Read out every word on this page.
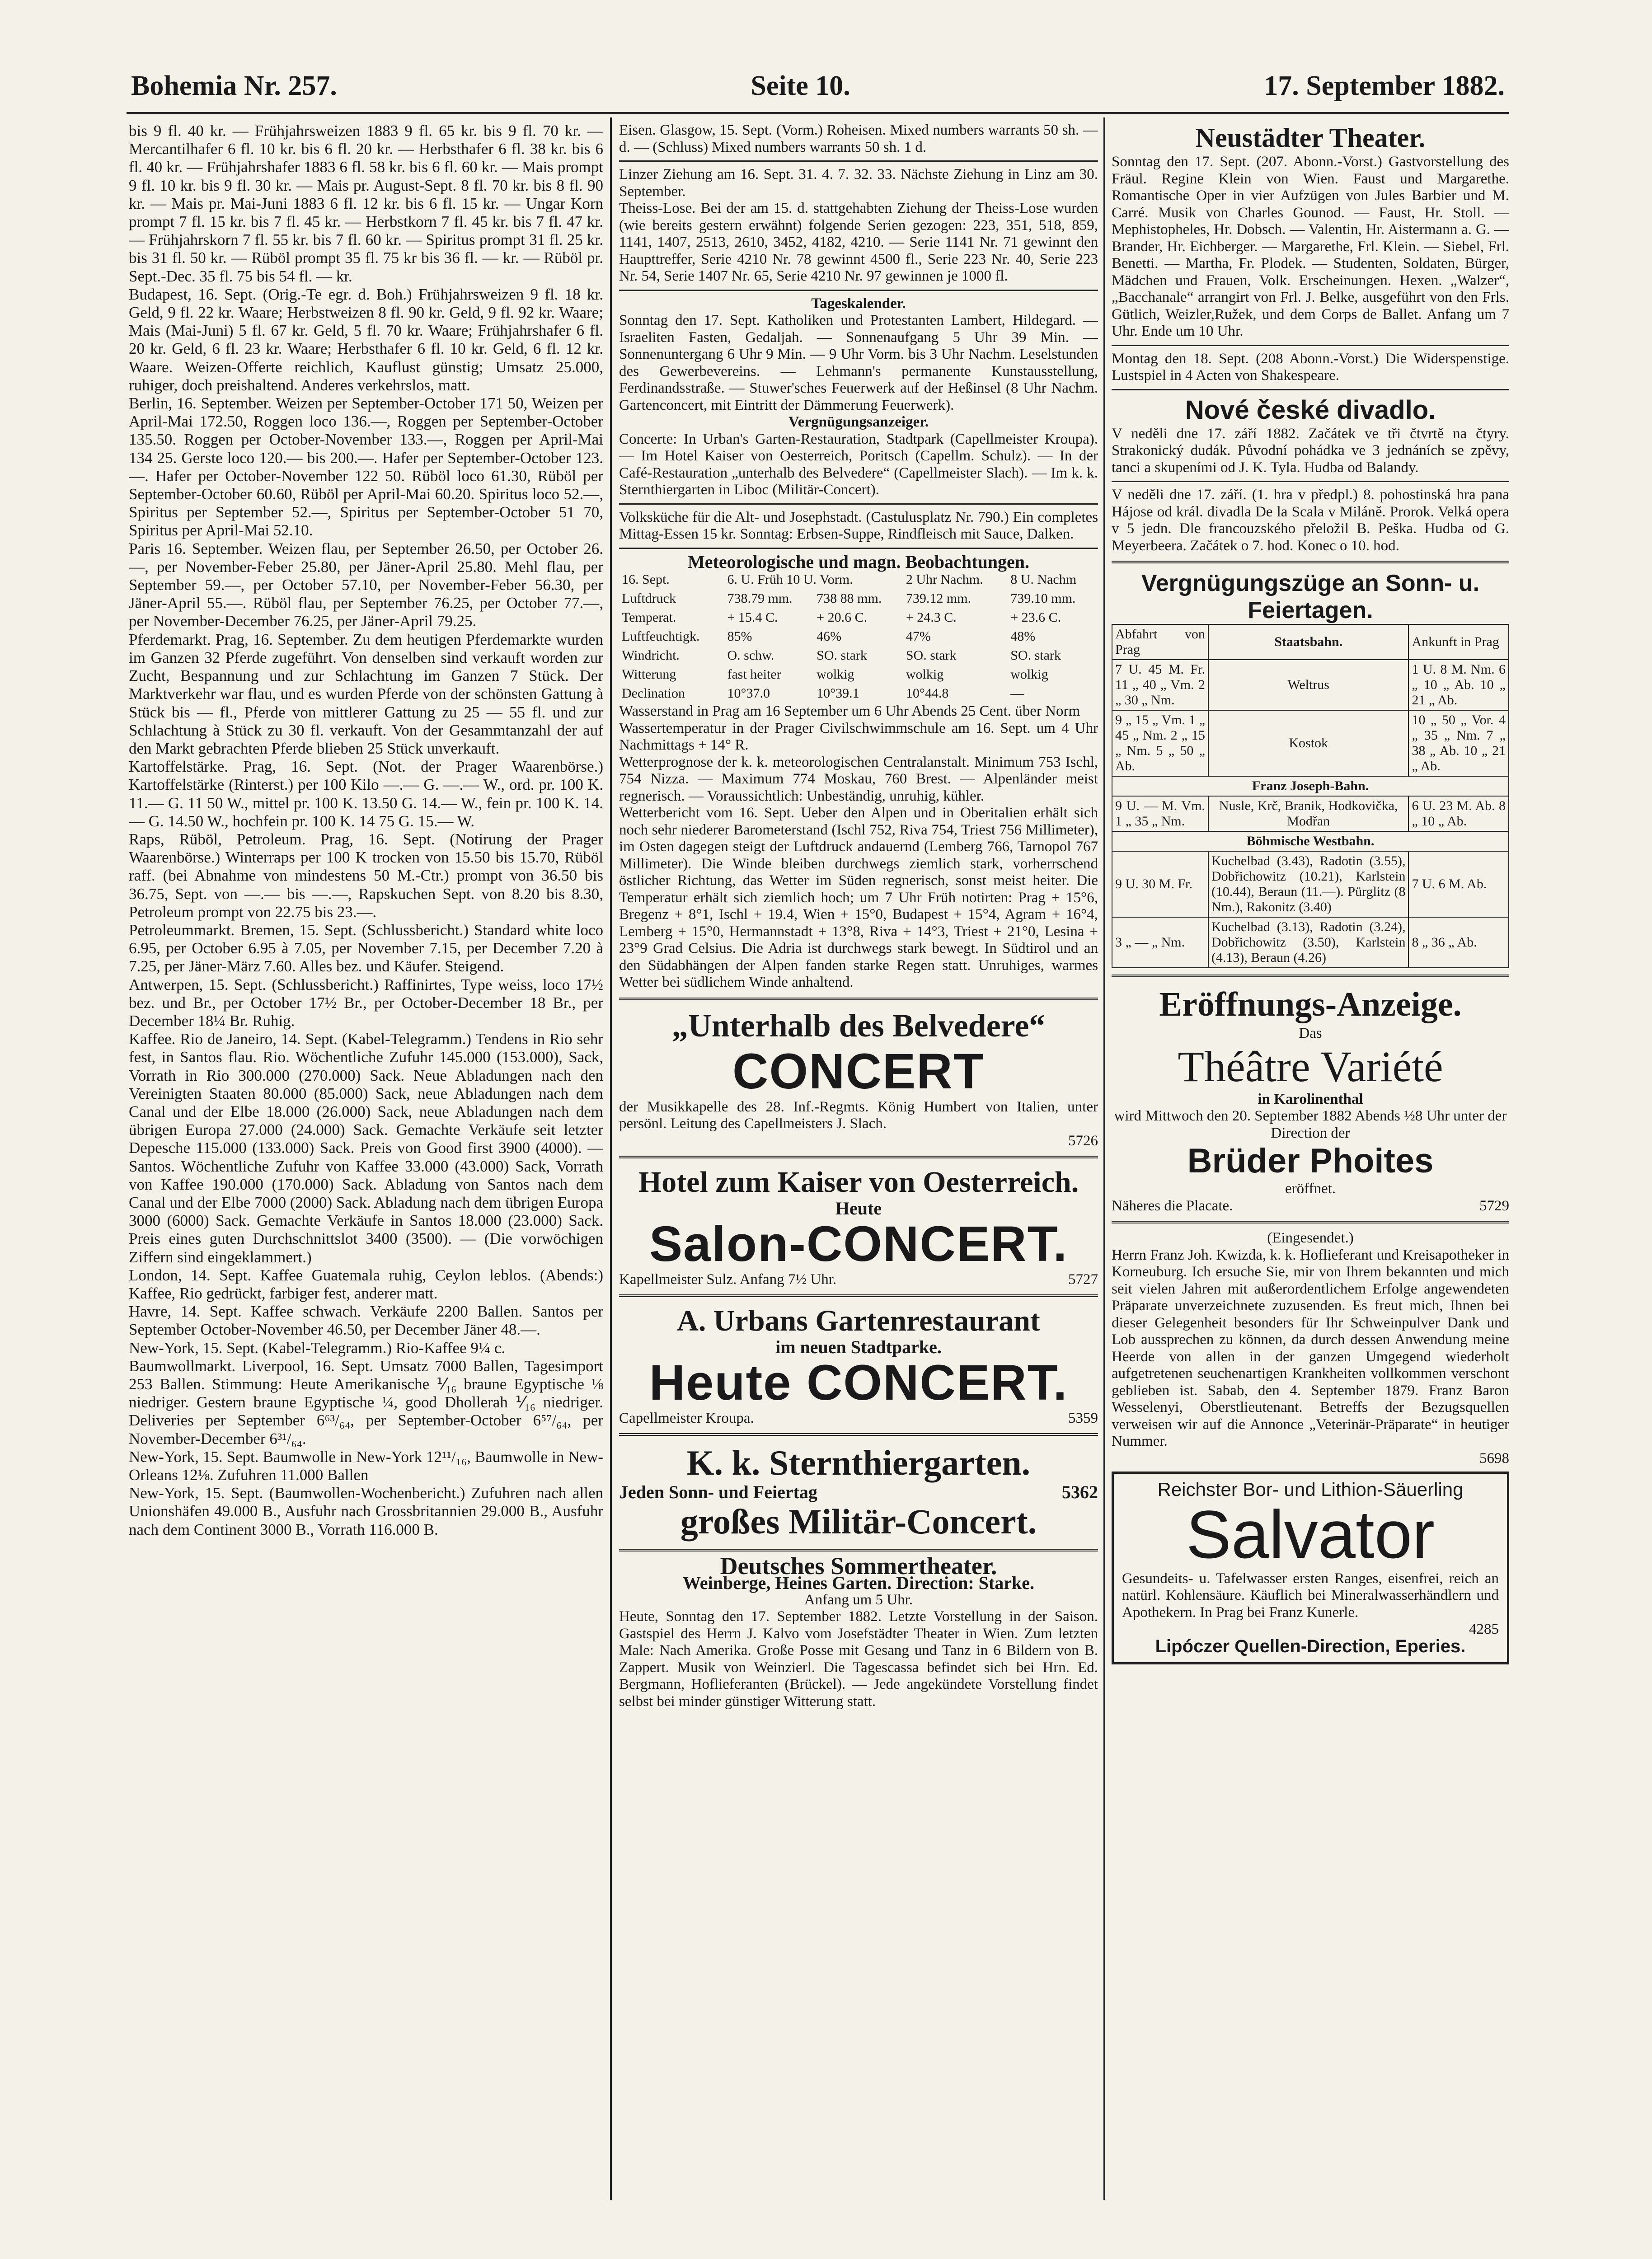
Bohemia Nr. 257.	Seite 10.	17. September 1882.

bis 9 fl. 40 kr. — Frühjahrsweizen 1883 9 fl. 65 kr. bis 9 fl. 70 kr. — Mercantilhafer 6 fl. 10 kr. bis 6 fl. 20 kr. — Herbsthafer 6 fl. 38 kr. bis 6 fl. 40 kr. — Frühjahrshafer 1883 6 fl. 58 kr. bis 6 fl. 60 kr. — Mais prompt 9 fl. 10 kr. bis 9 fl. 30 kr. — Mais pr. August-Sept. 8 fl. 70 kr. bis 8 fl. 90 kr. — Mais pr. Mai-Juni 1883 6 fl. 12 kr. bis 6 fl. 15 kr. — Ungar Korn prompt 7 fl. 15 kr. bis 7 fl. 45 kr. — Herbstkorn 7 fl. 45 kr. bis 7 fl. 47 kr. — Frühjahrskorn 7 fl. 55 kr. bis 7 fl. 60 kr. — Spiritus prompt 31 fl. 25 kr. bis 31 fl. 50 kr. — Rüböl prompt 35 fl. 75 kr bis 36 fl. — kr. — Rüböl pr. Sept.-Dec. 35 fl. 75 bis 54 fl. — kr.

Budapest, 16. Sept. (Orig.-Te egr. d. Boh.) Frühjahrsweizen 9 fl. 18 kr. Geld, 9 fl. 22 kr. Waare; Herbstweizen 8 fl. 90 kr. Geld, 9 fl. 92 kr. Waare; Mais (Mai-Juni) 5 fl. 67 kr. Geld, 5 fl. 70 kr. Waare; Frühjahrshafer 6 fl. 20 kr. Geld, 6 fl. 23 kr. Waare; Herbsthafer 6 fl. 10 kr. Geld, 6 fl. 12 kr. Waare. Weizen-Offerte reichlich, Kauflust günstig; Umsatz 25.000, ruhiger, doch preishaltend. Anderes verkehrslos, matt.

Berlin, 16. September. Weizen per September-October 171 50, Weizen per April-Mai 172.50, Roggen loco 136.—, Roggen per September-October 135.50. Roggen per October-November 133.—, Roggen per April-Mai 134 25. Gerste loco 120.— bis 200.—. Hafer per September-October 123.—. Hafer per October-November 122 50. Rüböl loco 61.30, Rüböl per September-October 60.60, Rüböl per April-Mai 60.20. Spiritus loco 52.—, Spiritus per September 52.—, Spiritus per September-October 51 70, Spiritus per April-Mai 52.10.

Paris 16. September. Weizen flau, per September 26.50, per October 26.—, per November-Feber 25.80, per Jäner-April 25.80. Mehl flau, per September 59.—, per October 57.10, per November-Feber 56.30, per Jäner-April 55.—. Rüböl flau, per September 76.25, per October 77.—, per November-December 76.25, per Jäner-April 79.25.

Pferdemarkt. Prag, 16. September. Zu dem heutigen Pferdemarkte wurden im Ganzen 32 Pferde zugeführt. Von denselben sind verkauft worden zur Zucht, Bespannung und zur Schlachtung im Ganzen 7 Stück. Der Marktverkehr war flau, und es wurden Pferde von der schönsten Gattung à Stück bis — fl., Pferde von mittlerer Gattung zu 25 — 55 fl. und zur Schlachtung à Stück zu 30 fl. verkauft. Von der Gesammtanzahl der auf den Markt gebrachten Pferde blieben 25 Stück unverkauft.

Kartoffelstärke. Prag, 16. Sept. (Not. der Prager Waarenbörse.) Kartoffelstärke (Rinterst.) per 100 Kilo —.— G. —.— W., ord. pr. 100 K. 11.— G. 11 50 W., mittel pr. 100 K. 13.50 G. 14.— W., fein pr. 100 K. 14.— G. 14.50 W., hochfein pr. 100 K. 14 75 G. 15.— W.

Raps, Rüböl, Petroleum. Prag, 16. Sept. (Notirung der Prager Waarenbörse.) Winterraps per 100 K trocken von 15.50 bis 15.70, Rüböl raff. (bei Abnahme von mindestens 50 M.-Ctr.) prompt von 36.50 bis 36.75, Sept. von —.— bis —.—, Rapskuchen Sept. von 8.20 bis 8.30, Petroleum prompt von 22.75 bis 23.—.

Petroleummarkt. Bremen, 15. Sept. (Schlussbericht.) Standard white loco 6.95, per October 6.95 à 7.05, per November 7.15, per December 7.20 à 7.25, per Jäner-März 7.60. Alles bez. und Käufer. Steigend.

Antwerpen, 15. Sept. (Schlussbericht.) Raffinirtes, Type weiss, loco 17½ bez. und Br., per October 17½ Br., per October-December 18 Br., per December 18¼ Br. Ruhig.

Kaffee. Rio de Janeiro, 14. Sept. (Kabel-Telegramm.) Tendens in Rio sehr fest, in Santos flau. Rio. Wöchentliche Zufuhr 145.000 (153.000), Sack, Vorrath in Rio 300.000 (270.000) Sack. Neue Abladungen nach den Vereinigten Staaten 80.000 (85.000) Sack, neue Abladungen nach dem Canal und der Elbe 18.000 (26.000) Sack, neue Abladungen nach dem übrigen Europa 27.000 (24.000) Sack. Gemachte Verkäufe seit letzter Depesche 115.000 (133.000) Sack. Preis von Good first 3900 (4000). — Santos. Wöchentliche Zufuhr von Kaffee 33.000 (43.000) Sack, Vorrath von Kaffee 190.000 (170.000) Sack. Abladung von Santos nach dem Canal und der Elbe 7000 (2000) Sack. Abladung nach dem übrigen Europa 3000 (6000) Sack. Gemachte Verkäufe in Santos 18.000 (23.000) Sack. Preis eines guten Durchschnittslot 3400 (3500). — (Die vorwöchigen Ziffern sind eingeklammert.)

London, 14. Sept. Kaffee Guatemala ruhig, Ceylon leblos. (Abends:) Kaffee, Rio gedrückt, farbiger fest, anderer matt.

Havre, 14. Sept. Kaffee schwach. Verkäufe 2200 Ballen. Santos per September October-November 46.50, per December Jäner 48.—.

New-York, 15. Sept. (Kabel-Telegramm.) Rio-Kaffee 9¼ c.

Baumwollmarkt. Liverpool, 16. Sept. Umsatz 7000 Ballen, Tagesimport 253 Ballen. Stimmung: Heute Amerikanische ⅟₁₆ braune Egyptische ⅛ niedriger. Gestern braune Egyptische ¼, good Dhollerah ⅟₁₆ niedriger. Deliveries per September 6⁶³/₆₄, per September-October 6⁵⁷/₆₄, per November-December 6³¹/₆₄.

New-York, 15. Sept. Baumwolle in New-York 12¹¹/₁₆, Baumwolle in New-Orleans 12⅛. Zufuhren 11.000 Ballen

New-York, 15. Sept. (Baumwollen-Wochenbericht.) Zufuhren nach allen Unionshäfen 49.000 B., Ausfuhr nach Grossbritannien 29.000 B., Ausfuhr nach dem Continent 3000 B., Vorrath 116.000 B.

Eisen. Glasgow, 15. Sept. (Vorm.) Roheisen. Mixed numbers warrants 50 sh. — d. — (Schluss) Mixed numbers warrants 50 sh. 1 d.

Linzer Ziehung am 16. Sept. 31. 4. 7. 32. 33. Nächste Ziehung in Linz am 30. September.

Theiss-Lose. Bei der am 15. d. stattgehabten Ziehung der Theiss-Lose wurden (wie bereits gestern erwähnt) folgende Serien gezogen: 223, 351, 518, 859, 1141, 1407, 2513, 2610, 3452, 4182, 4210. — Serie 1141 Nr. 71 gewinnt den Haupttreffer, Serie 4210 Nr. 78 gewinnt 4500 fl., Serie 223 Nr. 40, Serie 223 Nr. 54, Serie 1407 Nr. 65, Serie 4210 Nr. 97 gewinnen je 1000 fl.

Tageskalender.

Sonntag den 17. Sept. Katholiken und Protestanten Lambert, Hildegard. — Israeliten Fasten, Gedaljah. — Sonnenaufgang 5 Uhr 39 Min. — Sonnenuntergang 6 Uhr 9 Min. — 9 Uhr Vorm. bis 3 Uhr Nachm. Leselstunden des Gewerbevereins. — Lehmann's permanente Kunstausstellung, Ferdinandsstraße. — Stuwer'sches Feuerwerk auf der Heßinsel (8 Uhr Nachm. Gartenconcert, mit Eintritt der Dämmerung Feuerwerk).

Vergnügungsanzeiger.

Concerte: In Urban's Garten-Restauration, Stadtpark (Capellmeister Kroupa). — Im Hotel Kaiser von Oesterreich, Poritsch (Capellm. Schulz). — In der Café-Restauration „unterhalb des Belvedere“ (Capellmeister Slach). — Im k. k. Sternthiergarten in Liboc (Militär-Concert).

Volksküche für die Alt- und Josephstadt. (Castulusplatz Nr. 790.) Ein completes Mittag-Essen 15 kr. Sonntag: Erbsen-Suppe, Rindfleisch mit Sauce, Dalken.

Meteorologische und magn. Beobachtungen.

16. Sept.	6. U. Früh 10 U. Vorm.		2 Uhr Nachm.	8 U. Nachm
Luftdruck	738.79 mm.	738 88 mm.	739.12 mm.	739.10 mm.
Temperat.	+ 15.4 C.	+ 20.6 C.	+ 24.3 C.	+ 23.6 C.
Luftfeuchtigk.	85%	46%	47%	48%
Windricht.	O. schw.	SO. stark	SO. stark	SO. stark
Witterung	fast heiter	wolkig	wolkig	wolkig
Declination	10°37.0	10°39.1	10°44.8	—

Wasserstand in Prag am 16 September um 6 Uhr Abends 25 Cent. über Norm

Wassertemperatur in der Prager Civilschwimmschule am 16. Sept. um 4 Uhr Nachmittags + 14° R.

Wetterprognose der k. k. meteorologischen Centralanstalt. Minimum 753 Ischl, 754 Nizza. — Maximum 774 Moskau, 760 Brest. — Alpenländer meist regnerisch. — Voraussichtlich: Unbeständig, unruhig, kühler.

Wetterbericht vom 16. Sept. Ueber den Alpen und in Oberitalien erhält sich noch sehr niederer Barometerstand (Ischl 752, Riva 754, Triest 756 Millimeter), im Osten dagegen steigt der Luftdruck andauernd (Lemberg 766, Tarnopol 767 Millimeter). Die Winde bleiben durchwegs ziemlich stark, vorherrschend östlicher Richtung, das Wetter im Süden regnerisch, sonst meist heiter. Die Temperatur erhält sich ziemlich hoch; um 7 Uhr Früh notirten: Prag + 15°6, Bregenz + 8°1, Ischl + 19.4, Wien + 15°0, Budapest + 15°4, Agram + 16°4, Lemberg + 15°0, Hermannstadt + 13°8, Riva + 14°3, Triest + 21°0, Lesina + 23°9 Grad Celsius. Die Adria ist durchwegs stark bewegt. In Südtirol und an den Südabhängen der Alpen fanden starke Regen statt. Unruhiges, warmes Wetter bei südlichem Winde anhaltend.

„Unterhalb des Belvedere“
CONCERT

der Musikkapelle des 28. Inf.-Regmts. König Humbert von Italien, unter persönl. Leitung des Capellmeisters J. Slach.

5726

Hotel zum Kaiser von Oesterreich.
Heute
Salon-CONCERT.
Kapellmeister Sulz. Anfang 7½ Uhr.	5727
A. Urbans Gartenrestaurant
im neuen Stadtparke.
Heute CONCERT.
Capellmeister Kroupa.	5359
K. k. Sternthiergarten.
Jeden Sonn- und Feiertag	5362
großes Militär-Concert.
Deutsches Sommertheater.
Weinberge, Heines Garten. Direction: Starke.
Anfang um 5 Uhr.

Heute, Sonntag den 17. September 1882. Letzte Vorstellung in der Saison. Gastspiel des Herrn J. Kalvo vom Josefstädter Theater in Wien. Zum letzten Male: Nach Amerika. Große Posse mit Gesang und Tanz in 6 Bildern von B. Zappert. Musik von Weinzierl. Die Tagescassa befindet sich bei Hrn. Ed. Bergmann, Hoflieferanten (Brückel). — Jede angekündete Vorstellung findet selbst bei minder günstiger Witterung statt.

Neustädter Theater.

Sonntag den 17. Sept. (207. Abonn.-Vorst.) Gastvorstellung des Fräul. Regine Klein von Wien. Faust und Margarethe. Romantische Oper in vier Aufzügen von Jules Barbier und M. Carré. Musik von Charles Gounod. — Faust, Hr. Stoll. — Mephistopheles, Hr. Dobsch. — Valentin, Hr. Aistermann a. G. — Brander, Hr. Eichberger. — Margarethe, Frl. Klein. — Siebel, Frl. Benetti. — Martha, Fr. Plodek. — Studenten, Soldaten, Bürger, Mädchen und Frauen, Volk. Erscheinungen. Hexen. „Walzer“, „Bacchanale“ arrangirt von Frl. J. Belke, ausgeführt von den Frls. Gütlich, Weizler,Ružek, und dem Corps de Ballet. Anfang um 7 Uhr. Ende um 10 Uhr.

Montag den 18. Sept. (208 Abonn.-Vorst.) Die Widerspenstige. Lustspiel in 4 Acten von Shakespeare.

Nové české divadlo.

V neděli dne 17. září 1882. Začátek ve tři čtvrtě na čtyry. Strakonický dudák. Původní pohádka ve 3 jednáních se zpěvy, tanci a skupeními od J. K. Tyla. Hudba od Balandy.

V neděli dne 17. září. (1. hra v předpl.) 8. pohostinská hra pana Hájose od král. divadla De la Scala v Miláně. Prorok. Velká opera v 5 jedn. Dle francouzského přeložil B. Peška. Hudba od G. Meyerbeera. Začátek o 7. hod. Konec o 10. hod.

Vergnügungszüge an Sonn- u. Feiertagen.
Abfahrt von Prag	Staatsbahn.	Ankunft in Prag
7 U. 45 M. Fr. 11 „ 40 „ Vm. 2 „ 30 „ Nm.	Weltrus	1 U. 8 M. Nm. 6 „ 10 „ Ab. 10 „ 21 „ Ab.
9 „ 15 „ Vm. 1 „ 45 „ Nm. 2 „ 15 „ Nm. 5 „ 50 „ Ab.	Kostok	10 „ 50 „ Vor. 4 „ 35 „ Nm. 7 „ 38 „ Ab. 10 „ 21 „ Ab.
Franz Joseph-Bahn.		
9 U. — M. Vm. 1 „ 35 „ Nm.	Nusle, Krč, Branik, Hodkovička, Modřan	6 U. 23 M. Ab. 8 „ 10 „ Ab.
Böhmische Westbahn.		
9 U. 30 M. Fr.	Kuchelbad (3.43), Radotin (3.55), Dobřichowitz (10.21), Karlstein (10.44), Beraun (11.—). Pürglitz (8 Nm.), Rakonitz (3.40)	7 U. 6 M. Ab.
3 „ — „ Nm.	Kuchelbad (3.13), Radotin (3.24), Dobřichowitz (3.50), Karlstein (4.13), Beraun (4.26)	8 „ 36 „ Ab.
Eröffnungs-Anzeige.
Das
Théâtre Variété
in Karolinenthal

wird Mittwoch den 20. September 1882 Abends ½8 Uhr unter der Direction der

Brüder Phoites
eröffnet.
Näheres die Placate.	5729
(Eingesendet.)

Herrn Franz Joh. Kwizda, k. k. Hoflieferant und Kreisapotheker in Korneuburg. Ich ersuche Sie, mir von Ihrem bekannten und mich seit vielen Jahren mit außerordentlichem Erfolge angewendeten Präparate unverzeichnete zuzusenden. Es freut mich, Ihnen bei dieser Gelegenheit besonders für Ihr Schweinpulver Dank und Lob aussprechen zu können, da durch dessen Anwendung meine Heerde von allen in der ganzen Umgegend wiederholt aufgetretenen seuchenartigen Krankheiten vollkommen verschont geblieben ist. Sabab, den 4. September 1879. Franz Baron Wesselenyi, Oberstlieutenant. Betreffs der Bezugsquellen verweisen wir auf die Annonce „Veterinär-Präparate“ in heutiger Nummer.

5698

Reichster Bor- und Lithion-Säuerling
Salvator

Gesundeits- u. Tafelwasser ersten Ranges, eisenfrei, reich an natürl. Kohlensäure. Käuflich bei Mineralwasserhändlern und Apothekern. In Prag bei Franz Kunerle.

4285

Lipóczer Quellen-Direction, Eperies.
